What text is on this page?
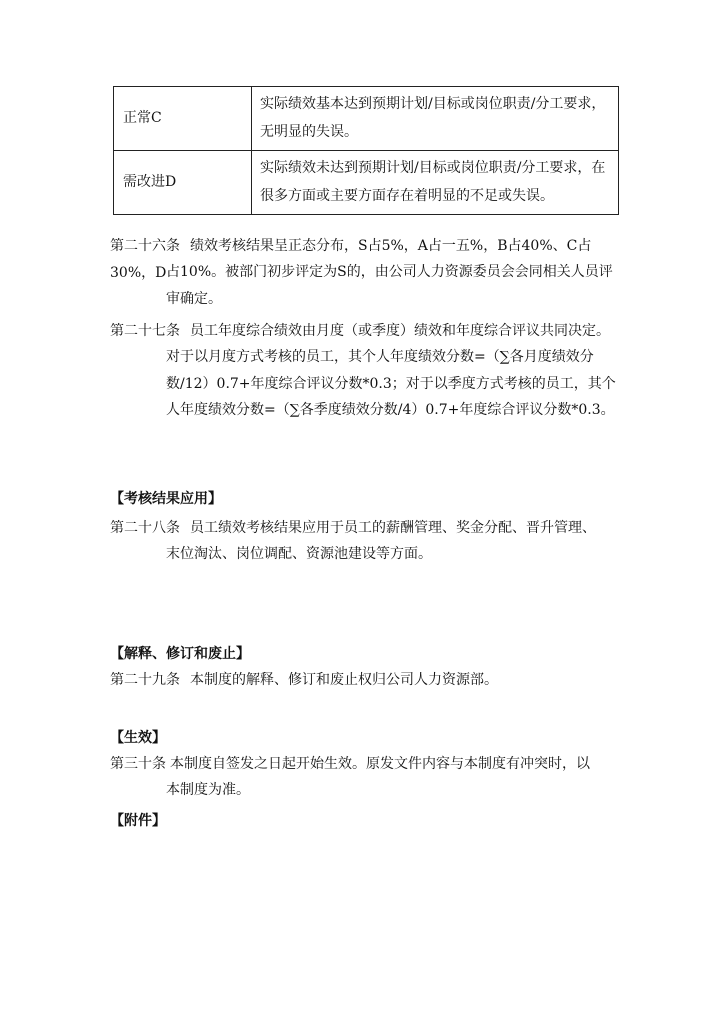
正常C	实际绩效基本达到预期计划/目标或岗位职责/分工要求，无明显的失误。
需改进D	实际绩效未达到预期计划/目标或岗位职责/分工要求，在很多方面或主要方面存在着明显的不足或失误。
第二十六条 绩效考核结果呈正态分布，S占5%，A占一五%，B占40%、C占30%，D 占10%。被部门初步评定为S的，由公司人力资源委员会会同相关人员评审确定。
第二十七条 员工年度综合绩效由月度（或季度）绩效和年度综合评议共同决定。
对于以月度方式考核的员工，其个人年度绩效分数=（∑各月度绩效分数/12）0.7+年度综合评议分数*0.3；对于以季度方式考核的员工，其个人年度绩效分数=（∑各季度绩效分数/4）0.7+年度综合评议分数*0.3。
【考核结果应用】
第二十八条 员工绩效考核结果应用于员工的薪酬管理、奖金分配、晋升管理、
末位淘汰、岗位调配、资源池建设等方面。
【解释、修订和废止】
第二十九条 本制度的解释、修订和废止权归公司人力资源部。
【生效】
第三十条 本制度自签发之日起开始生效。原发文件内容与本制度有冲突时，以
本制度为准。
【附件】
